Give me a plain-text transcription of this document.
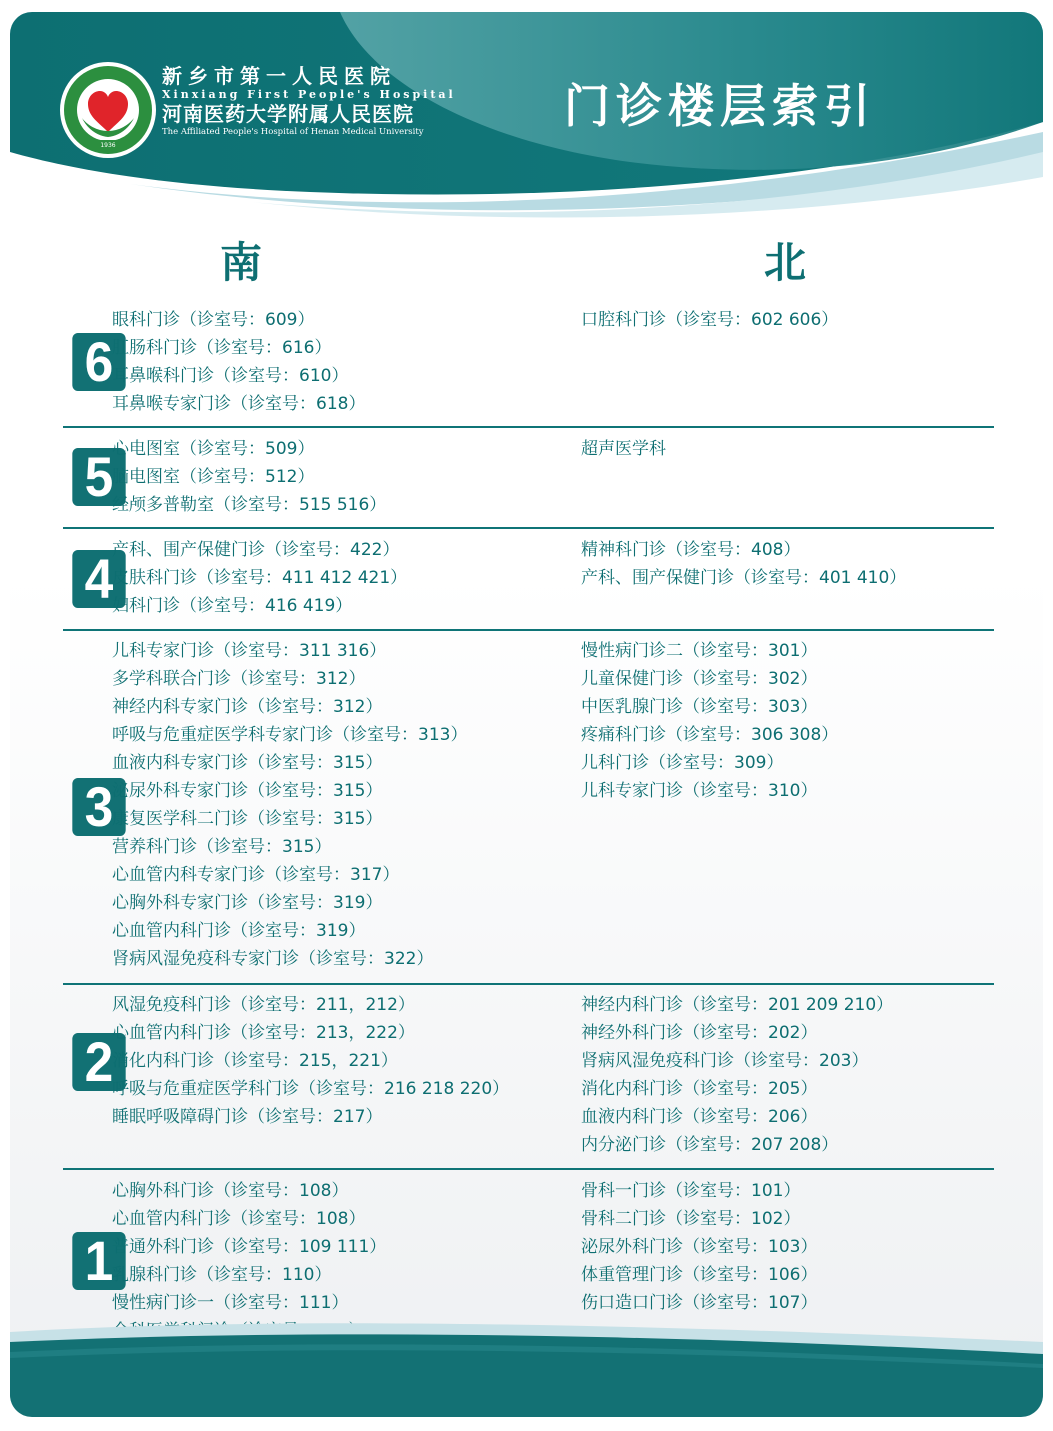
1936
新乡市第一人民医院
Xinxiang First People's Hospital
河南医药大学附属人民医院
The Affiliated People's Hospital of Henan Medical University	门诊楼层索引
南	北
6
眼科门诊（诊室号：609）
肛肠科门诊（诊室号：616）
耳鼻喉科门诊（诊室号：610）
耳鼻喉专家门诊（诊室号：618）
口腔科门诊（诊室号：602 606）
5
心电图室（诊室号：509）
脑电图室（诊室号：512）
经颅多普勒室（诊室号：515 516）
超声医学科
4
产科、围产保健门诊（诊室号：422）
皮肤科门诊（诊室号：411 412 421）
妇科门诊（诊室号：416 419）
精神科门诊（诊室号：408）
产科、围产保健门诊（诊室号：401 410）
3
儿科专家门诊（诊室号：311 316）
多学科联合门诊（诊室号：312）
神经内科专家门诊（诊室号：312）
呼吸与危重症医学科专家门诊（诊室号：313）
血液内科专家门诊（诊室号：315）
泌尿外科专家门诊（诊室号：315）
康复医学科二门诊（诊室号：315）
营养科门诊（诊室号：315）
心血管内科专家门诊（诊室号：317）
心胸外科专家门诊（诊室号：319）
心血管内科门诊（诊室号：319）
肾病风湿免疫科专家门诊（诊室号：322）
慢性病门诊二（诊室号：301）
儿童保健门诊（诊室号：302）
中医乳腺门诊（诊室号：303）
疼痛科门诊（诊室号：306 308）
儿科门诊（诊室号：309）
儿科专家门诊（诊室号：310）
2
风湿免疫科门诊（诊室号：211，212）
心血管内科门诊（诊室号：213，222）
消化内科门诊（诊室号：215，221）
呼吸与危重症医学科门诊（诊室号：216 218 220）
睡眠呼吸障碍门诊（诊室号：217）
神经内科门诊（诊室号：201 209 210）
神经外科门诊（诊室号：202）
肾病风湿免疫科门诊（诊室号：203）
消化内科门诊（诊室号：205）
血液内科门诊（诊室号：206）
内分泌门诊（诊室号：207 208）
1
心胸外科门诊（诊室号：108）
心血管内科门诊（诊室号：108）
普通外科门诊（诊室号：109 111）
乳腺科门诊（诊室号：110）
慢性病门诊一（诊室号：111）
骨科一门诊（诊室号：101）
骨科二门诊（诊室号：102）
泌尿外科门诊（诊室号：103）
体重管理门诊（诊室号：106）
伤口造口门诊（诊室号：107）
